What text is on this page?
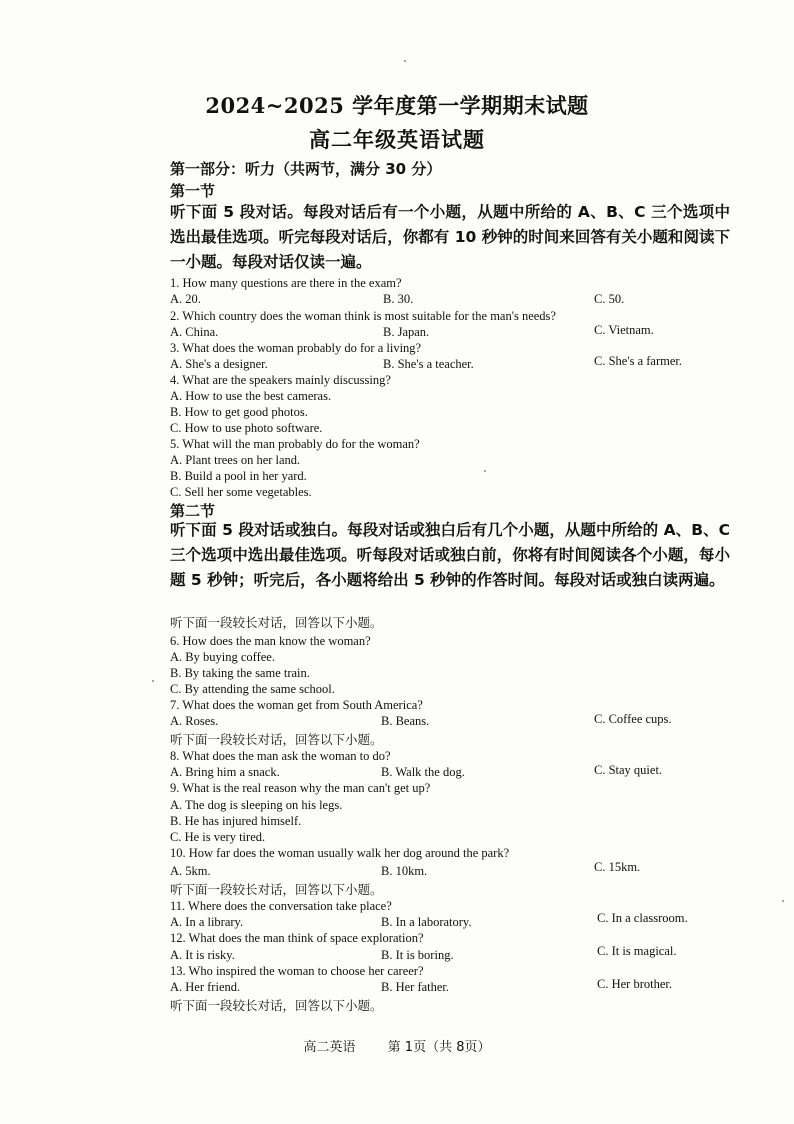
2024~2025 学年度第一学期期末试题
高二年级英语试题
第一部分：听力（共两节，满分 30 分）
第一节
听下面 5 段对话。每段对话后有一个小题，从题中所给的 A、B、C 三个选项中选出最佳选项。听完每段对话后，你都有 10 秒钟的时间来回答有关小题和阅读下一小题。每段对话仅读一遍。
1. How many questions are there in the exam?
A. 20.	B. 30.	C. 50.
2. Which country does the woman think is most suitable for the man's needs?
A. China.	B. Japan.	C. Vietnam.
3. What does the woman probably do for a living?
A. She's a designer.	B. She's a teacher.	C. She's a farmer.
4. What are the speakers mainly discussing?
A. How to use the best cameras.
B. How to get good photos.
C. How to use photo software.
5. What will the man probably do for the woman?
A. Plant trees on her land.
B. Build a pool in her yard.
C. Sell her some vegetables.
第二节
听下面 5 段对话或独白。每段对话或独白后有几个小题，从题中所给的 A、B、C 三个选项中选出最佳选项。听每段对话或独白前，你将有时间阅读各个小题，每小题 5 秒钟；听完后，各小题将给出 5 秒钟的作答时间。每段对话或独白读两遍。
听下面一段较长对话，回答以下小题。
6. How does the man know the woman?
A. By buying coffee.
B. By taking the same train.
C. By attending the same school.
7. What does the woman get from South America?
A. Roses.	B. Beans.	C. Coffee cups.
听下面一段较长对话，回答以下小题。
8. What does the man ask the woman to do?
A. Bring him a snack.	B. Walk the dog.	C. Stay quiet.
9. What is the real reason why the man can't get up?
A. The dog is sleeping on his legs.
B. He has injured himself.
C. He is very tired.
10. How far does the woman usually walk her dog around the park?
A. 5km.	B. 10km.	C. 15km.
听下面一段较长对话，回答以下小题。
11. Where does the conversation take place?
A. In a library.	B. In a laboratory.	C. In a classroom.
12. What does the man think of space exploration?
A. It is risky.	B. It is boring.	C. It is magical.
13. Who inspired the woman to choose her career?
A. Her friend.	B. Her father.	C. Her brother.
听下面一段较长对话，回答以下小题。
高二英语 第 1页（共 8页）
